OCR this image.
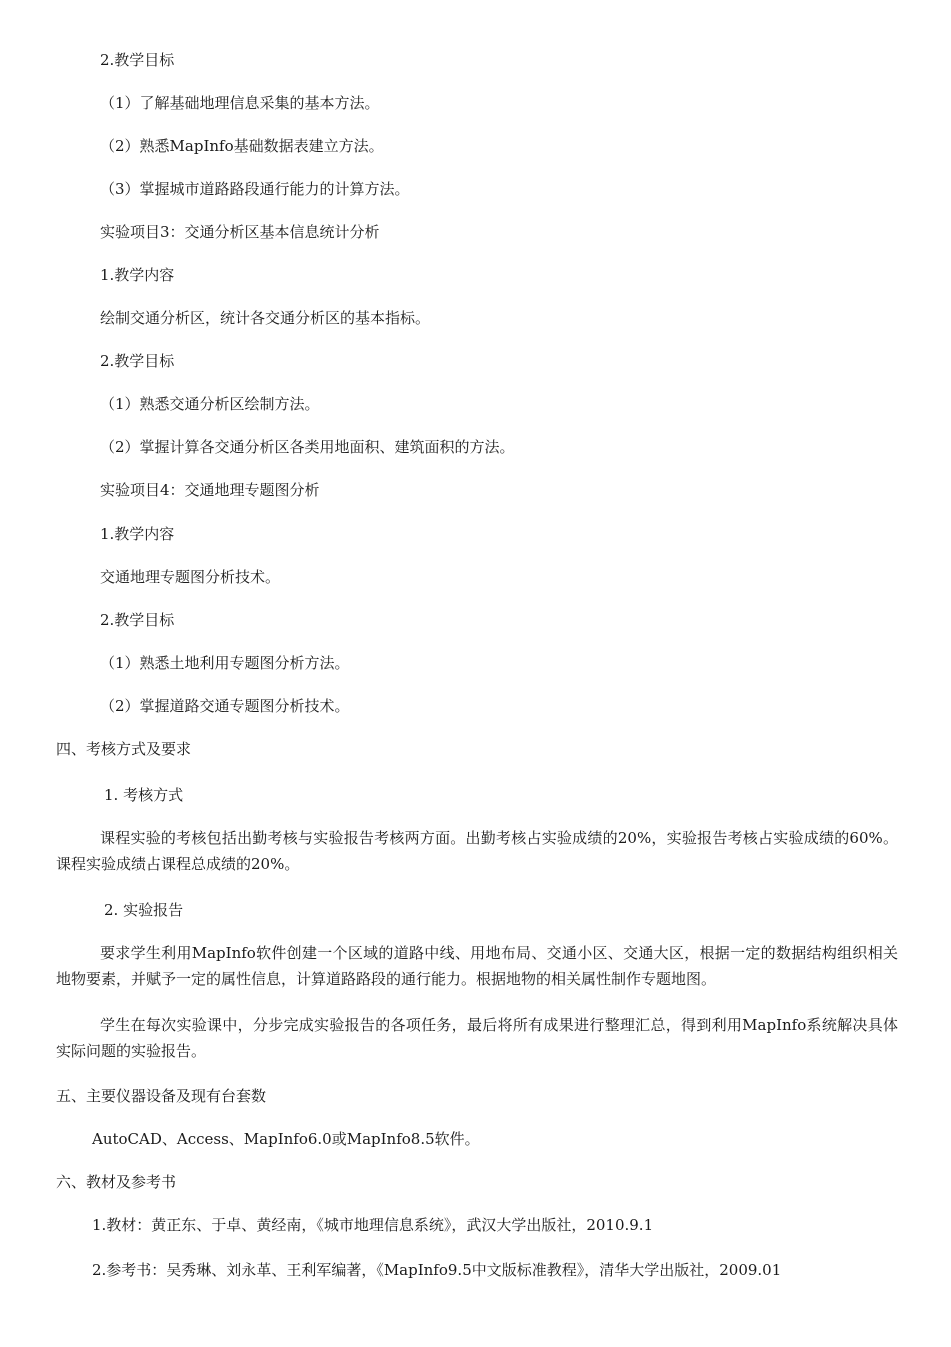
2.教学目标
（1）了解基础地理信息采集的基本方法。
（2）熟悉MapInfo基础数据表建立方法。
（3）掌握城市道路路段通行能力的计算方法。
实验项目3：交通分析区基本信息统计分析
1.教学内容
绘制交通分析区，统计各交通分析区的基本指标。
2.教学目标
（1）熟悉交通分析区绘制方法。
（2）掌握计算各交通分析区各类用地面积、建筑面积的方法。
实验项目4：交通地理专题图分析
1.教学内容
交通地理专题图分析技术。
2.教学目标
（1）熟悉土地利用专题图分析方法。
（2）掌握道路交通专题图分析技术。
四、考核方式及要求
1. 考核方式
课程实验的考核包括出勤考核与实验报告考核两方面。出勤考核占实验成绩的20%，实验报告考核占实验成绩的60%。课程实验成绩占课程总成绩的20%。
2. 实验报告
要求学生利用MapInfo软件创建一个区域的道路中线、用地布局、交通小区、交通大区，根据一定的数据结构组织相关地物要素，并赋予一定的属性信息，计算道路路段的通行能力。根据地物的相关属性制作专题地图。
学生在每次实验课中，分步完成实验报告的各项任务，最后将所有成果进行整理汇总，得到利用MapInfo系统解决具体实际问题的实验报告。
五、主要仪器设备及现有台套数
AutoCAD、Access、MapInfo6.0或MapInfo8.5软件。
六、教材及参考书
1.教材：黄正东、于卓、黄经南，《城市地理信息系统》，武汉大学出版社，2010.9.1
2.参考书：吴秀琳、刘永革、王利军编著，《MapInfo9.5中文版标准教程》，清华大学出版社，2009.01
